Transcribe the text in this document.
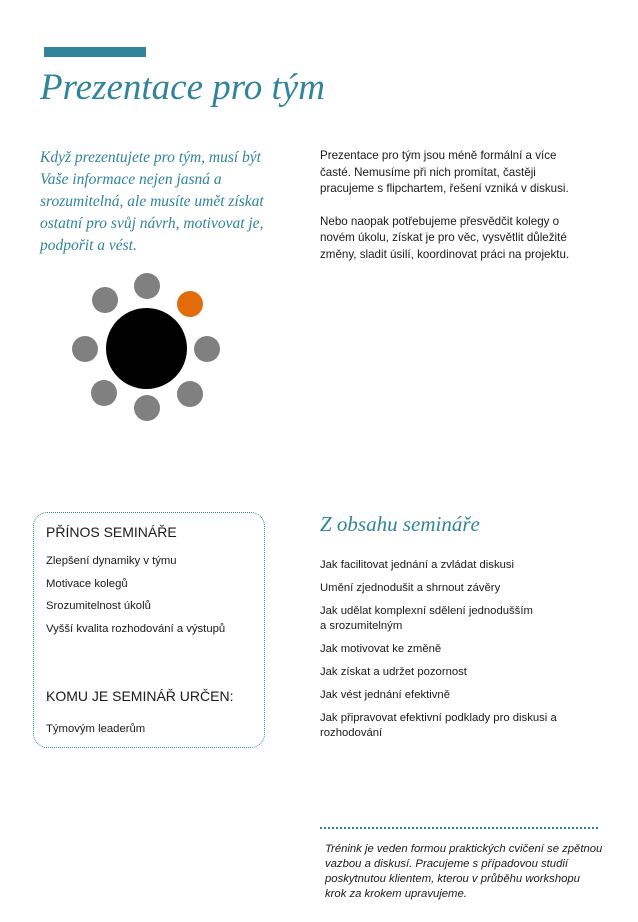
Prezentace pro tým

Když prezentujete pro tým, musí být Vaše informace nejen jasná a srozumitelná, ale musíte umět získat ostatní pro svůj návrh, motivovat je, podpořit a vést.

Prezentace pro tým jsou méně formální a více časté. Nemusíme při nich promítat, častěji pracujeme s flipchartem, řešení vzniká v diskusi.

Nebo naopak potřebujeme přesvědčit kolegy o novém úkolu, získat je pro věc, vysvětlit důležité změny, sladit úsilí, koordinovat práci na projektu.

PŘÍNOS SEMINÁŘE
Zlepšení dynamiky v týmu
Motivace kolegů
Srozumitelnost úkolů
Vyšší kvalita rozhodování a výstupů
KOMU JE SEMINÁŘ URČEN:
Týmovým leaderům
Z obsahu semináře
Jak facilitovat jednání a zvládat diskusi
Umění zjednodušit a shrnout závěry
Jak udělat komplexní sdělení jednodušším
a srozumitelným
Jak motivovat ke změně
Jak získat a udržet pozornost
Jak vést jednání efektivně
Jak připravovat efektivní podklady pro diskusi a
rozhodování

Trénink je veden formou praktických cvičení se zpětnou
vazbou a diskusí. Pracujeme s případovou studií
poskytnutou klientem, kterou v průběhu workshopu
krok za krokem upravujeme.
